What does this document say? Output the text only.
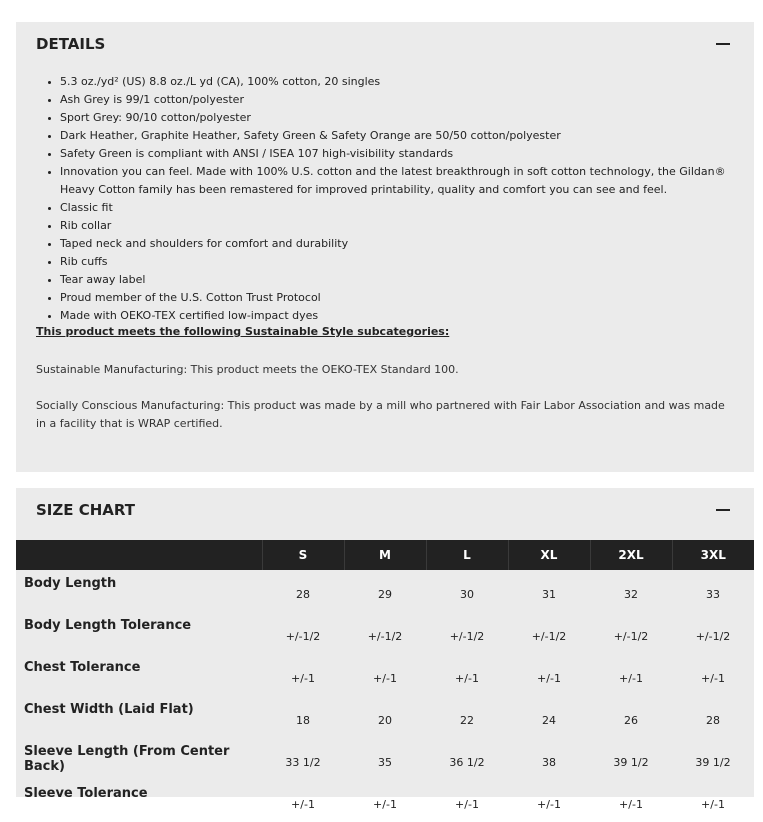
DETAILS
• 5.3 oz./yd² (US) 8.8 oz./L yd (CA), 100% cotton, 20 singles
• Ash Grey is 99/1 cotton/polyester
• Sport Grey: 90/10 cotton/polyester
• Dark Heather, Graphite Heather, Safety Green & Safety Orange are 50/50 cotton/polyester
• Safety Green is compliant with ANSI / ISEA 107 high-visibility standards
• Innovation you can feel. Made with 100% U.S. cotton and the latest breakthrough in soft cotton technology, the Gildan® Heavy Cotton family has been remastered for improved printability, quality and comfort you can see and feel.
• Classic fit
• Rib collar
• Taped neck and shoulders for comfort and durability
• Rib cuffs
• Tear away label
• Proud member of the U.S. Cotton Trust Protocol
• Made with OEKO-TEX certified low-impact dyes
This product meets the following Sustainable Style subcategories:
Sustainable Manufacturing: This product meets the OEKO-TEX Standard 100.
Socially Conscious Manufacturing: This product was made by a mill who partnered with Fair Labor Association and was made in a facility that is WRAP certified.
SIZE CHART
	S	M	L	XL	2XL	3XL
Body Length	28	29	30	31	32	33
Body Length Tolerance	+/-1/2	+/-1/2	+/-1/2	+/-1/2	+/-1/2	+/-1/2
Chest Tolerance	+/-1	+/-1	+/-1	+/-1	+/-1	+/-1
Chest Width (Laid Flat)	18	20	22	24	26	28
Sleeve Length (From Center Back)	33 1/2	35	36 1/2	38	39 1/2	39 1/2
Sleeve Tolerance	+/-1	+/-1	+/-1	+/-1	+/-1	+/-1
